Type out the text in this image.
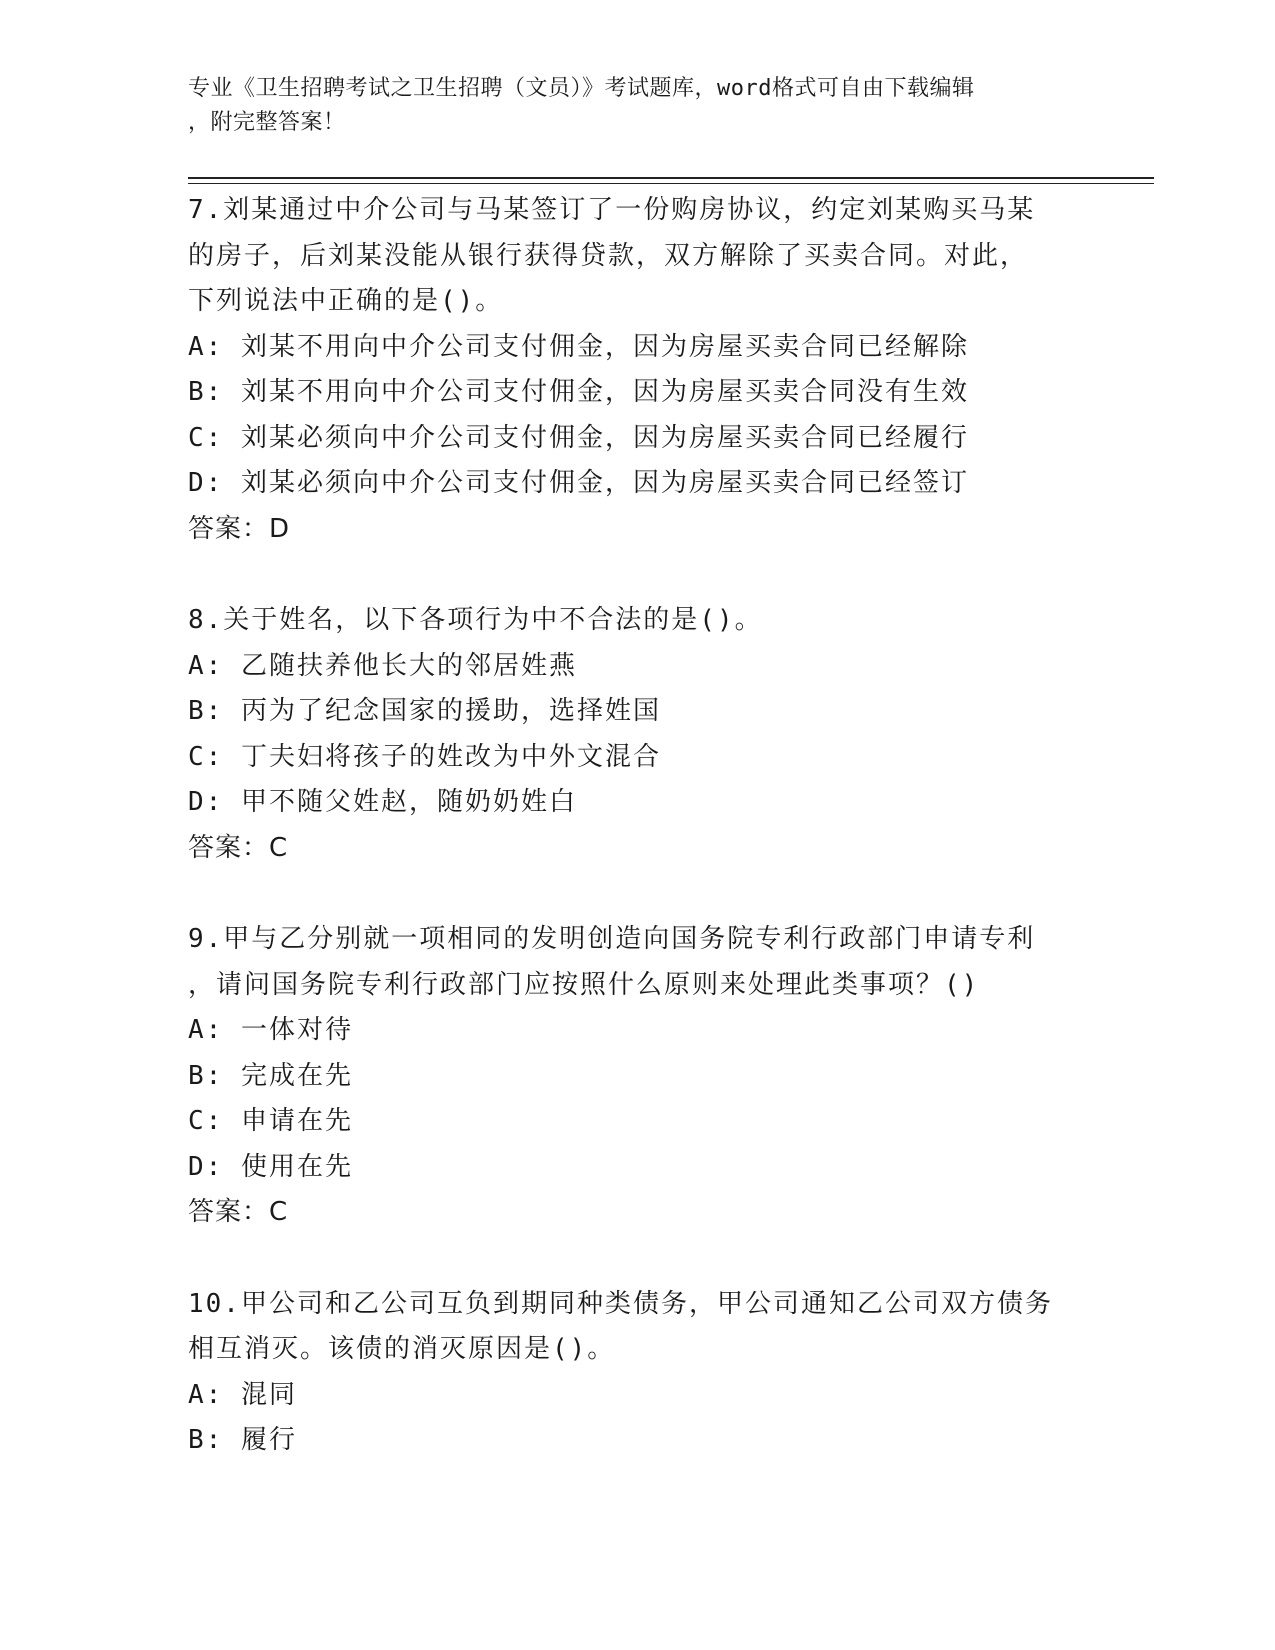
专业《卫生招聘考试之卫生招聘（文员）》考试题库，word格式可自由下载编辑
，附完整答案！
7.刘某通过中介公司与马某签订了一份购房协议，约定刘某购买马某
的房子，后刘某没能从银行获得贷款，双方解除了买卖合同。对此，
下列说法中正确的是()。
A: 刘某不用向中介公司支付佣金，因为房屋买卖合同已经解除
B: 刘某不用向中介公司支付佣金，因为房屋买卖合同没有生效
C: 刘某必须向中介公司支付佣金，因为房屋买卖合同已经履行
D: 刘某必须向中介公司支付佣金，因为房屋买卖合同已经签订
答案：D
8.关于姓名，以下各项行为中不合法的是()。
A: 乙随扶养他长大的邻居姓燕
B: 丙为了纪念国家的援助，选择姓国
C: 丁夫妇将孩子的姓改为中外文混合
D: 甲不随父姓赵，随奶奶姓白
答案：C
9.甲与乙分别就一项相同的发明创造向国务院专利行政部门申请专利
，请问国务院专利行政部门应按照什么原则来处理此类事项？()
A: 一体对待
B: 完成在先
C: 申请在先
D: 使用在先
答案：C
10.甲公司和乙公司互负到期同种类债务，甲公司通知乙公司双方债务
相互消灭。该债的消灭原因是()。
A: 混同
B: 履行
